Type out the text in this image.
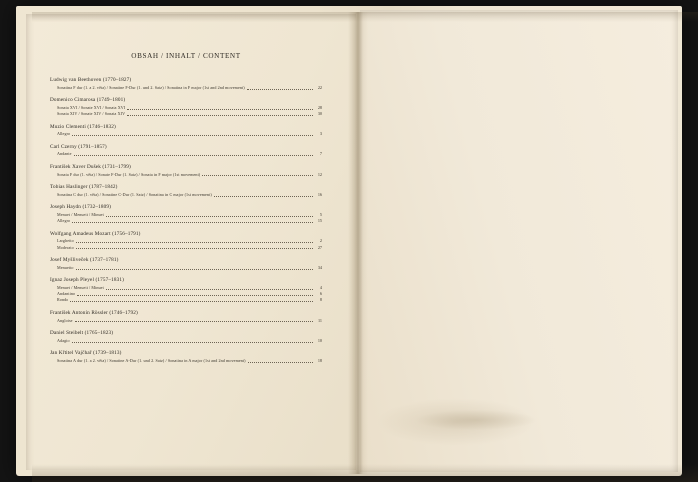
OBSAH / INHALT / CONTENT
Ludwig van Beethoven (1770–1827)
Sonatina F dur (1. a 2. věta) / Sonatine F-Dur (1. und 2. Satz) / Sonatina in F major (1st and 2nd movement)	22
Domenico Cimarosa (1749–1801)
Sonata XVI / Sonate XVI / Sonata XVI	28
Sonata XIV / Sonate XIV / Sonata XIV	30
Muzio Clementi (1746–1832)
Allegro	3
Carl Czerny (1791–1857)
Andante	7
František Xaver Dušek (1731–1799)
Sonata F dur (1. věta) / Sonate F-Dur (1. Satz) / Sonata in F major (1st movement)	12
Tobias Haslinger (1787–1842)
Sonatina C dur (1. věta) / Sonatine C-Dur (1. Satz) / Sonatina in C major (1st movement)	16
Joseph Haydn (1732–1809)
Menuet / Menuett / Minuet	5
Allegro	15
Wolfgang Amadeus Mozart (1756–1791)
Larghetto	2
Moderato	27
Josef Myšliveček (1737–1781)
Menuetto	34
Ignaz Joseph Pleyel (1757–1831)
Menuet / Menuett / Minuet	4
Andantino	6
Rondo	8
František Antonín Rössler (1746–1792)
Angloise	11
Daniel Steibelt (1765–1823)
Adagio	10
Jan Křtitel Vajčhař (1739–1813)
Sonatina A dur (1. a 2. věta) / Sonatine A-Dur (1. und 2. Satz) / Sonatina in A major (1st and 2nd movement)	18
